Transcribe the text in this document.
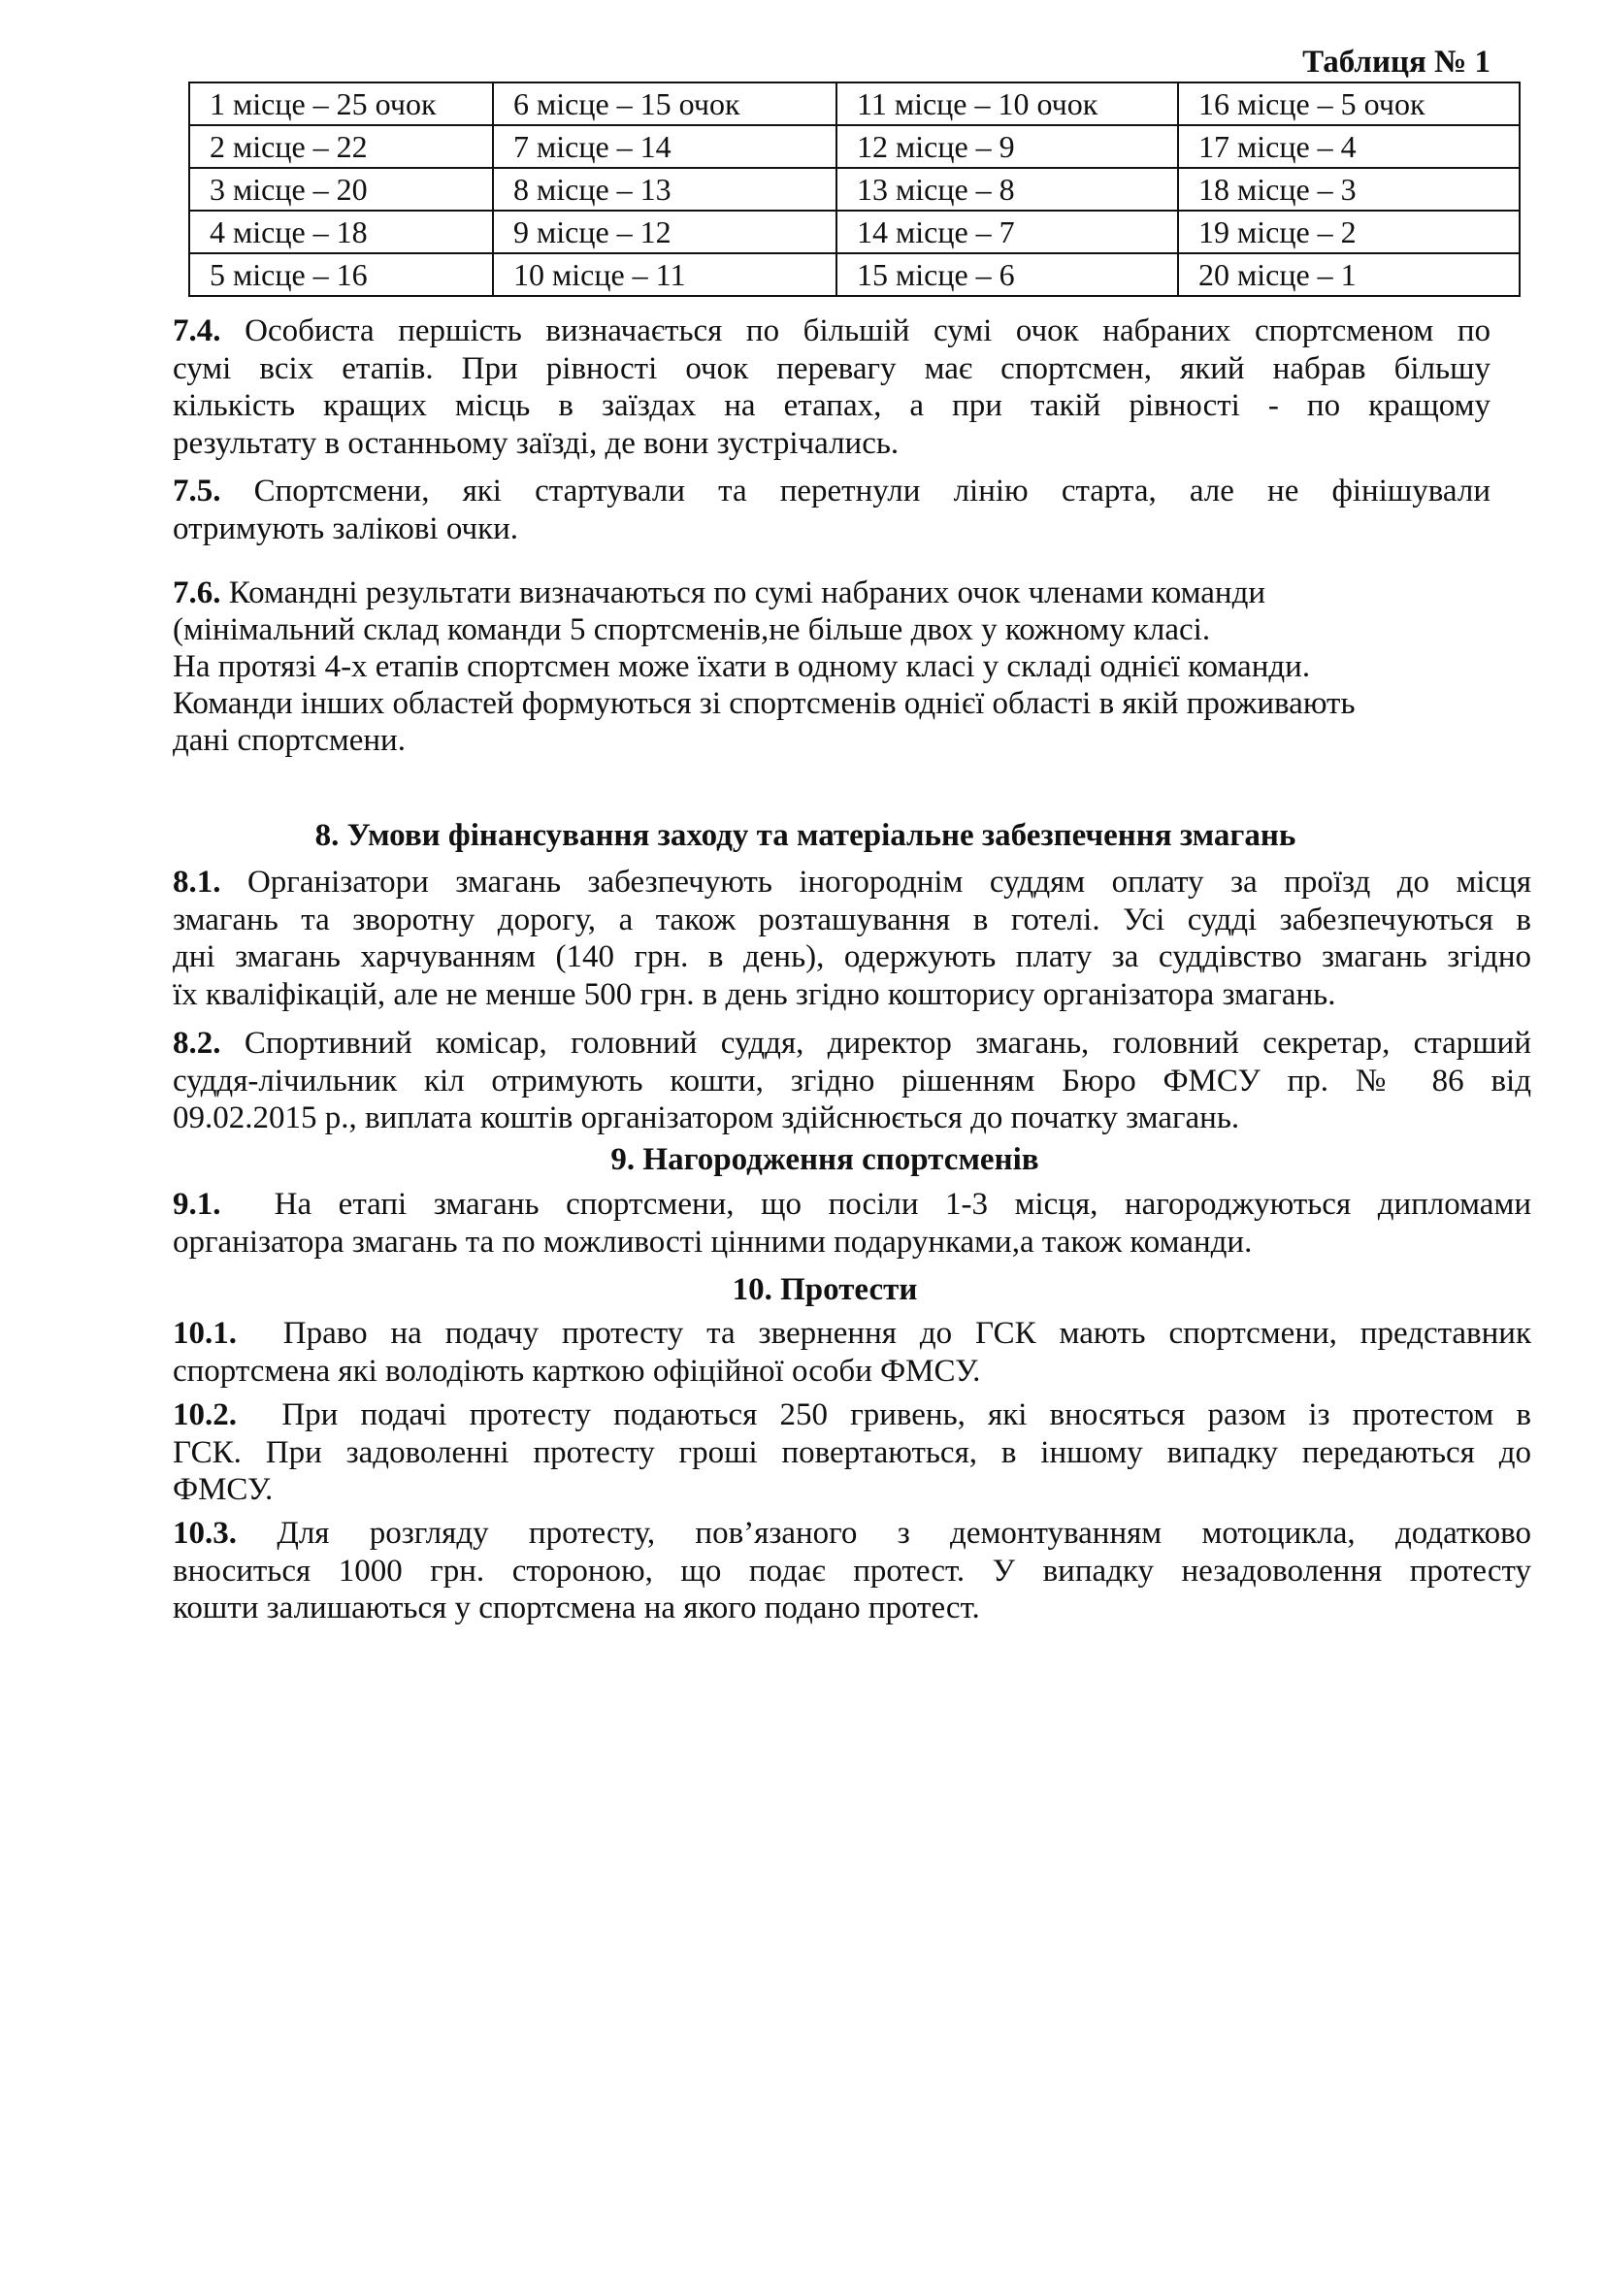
Таблиця № 1
1 місце – 25 очок	6 місце – 15 очок	11 місце – 10 очок	16 місце – 5 очок
2 місце – 22	7 місце – 14	12 місце – 9	17 місце – 4
3 місце – 20	8 місце – 13	13 місце – 8	18 місце – 3
4 місце – 18	9 місце – 12	14 місце – 7	19 місце – 2
5 місце – 16	10 місце – 11	15 місце – 6	20 місце – 1

7.4. Особиста першість визначається по більшій сумі очок набраних спортсменом по

сумі всіх етапів. При рівності очок перевагу має спортсмен, який набрав більшу

кількість кращих місць в заїздах на етапах, а при такій рівності - по кращому

результату в останньому заїзді, де вони зустрічались.

7.5. Спортсмени, які стартували та перетнули лінію старта, але не фінішували

отримують залікові очки.

7.6. Командні результати визначаються по сумі набраних очок членами команди

(мінімальний склад команди 5 спортсменів,не більше двох у кожному класі.

На протязі 4-х етапів спортсмен може їхати в одному класі у складі однієї команди.

Команди інших областей формуються зі спортсменів однієї області в якій проживають

дані спортсмени.

8. Умови фінансування заходу та матеріальне забезпечення змагань

8.1. Організатори змагань забезпечують іногороднім суддям оплату за проїзд до місця

змагань та зворотну дорогу, а також розташування в готелі. Усі судді забезпечуються в

дні змагань харчуванням (140 грн. в день), одержують плату за суддівство змагань згідно

їх кваліфікацій, але не менше 500 грн. в день згідно кошторису організатора змагань.

8.2. Спортивний комісар, головний суддя, директор змагань, головний секретар, старший

суддя-лічильник кіл отримують кошти, згідно рішенням Бюро ФМСУ пр. № 86 від

09.02.2015 р., виплата коштів організатором здійснюється до початку змагань.

9. Нагородження спортсменів

9.1. На етапі змагань спортсмени, що посіли 1-3 місця, нагороджуються дипломами

організатора змагань та по можливості цінними подарунками,а також команди.

10. Протести

10.1. Право на подачу протесту та звернення до ГСК мають спортсмени, представник

спортсмена які володіють карткою офіційної особи ФМСУ.

10.2. При подачі протесту подаються 250 гривень, які вносяться разом із протестом в

ГСК. При задоволенні протесту гроші повертаються, в іншому випадку передаються до

ФМСУ.

10.3. Для розгляду протесту, пов’язаного з демонтуванням мотоцикла, додатково

вноситься 1000 грн. стороною, що подає протест. У випадку незадоволення протесту

кошти залишаються у спортсмена на якого подано протест.
